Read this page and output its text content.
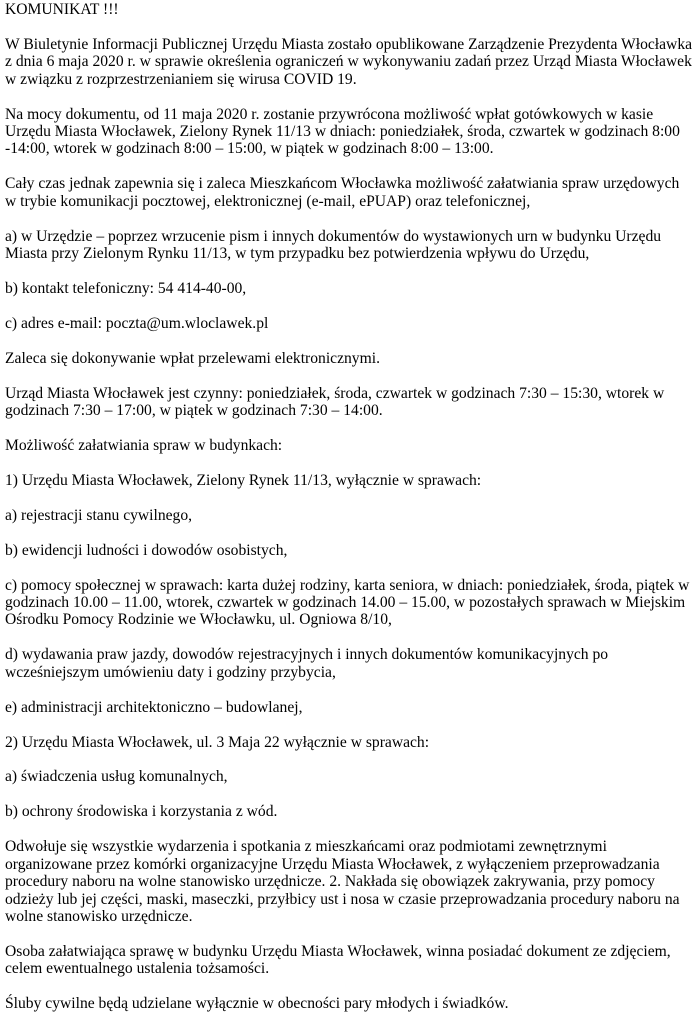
KOMUNIKAT !!!

W Biuletynie Informacji Publicznej Urzędu Miasta zostało opublikowane Zarządzenie Prezydenta Włocławka z dnia 6 maja 2020 r. w sprawie określenia ograniczeń w wykonywaniu zadań przez Urząd Miasta Włocławek w związku z rozprzestrzenianiem się wirusa COVID 19.

Na mocy dokumentu, od 11 maja 2020 r. zostanie przywrócona możliwość wpłat gotówkowych w kasie Urzędu Miasta Włocławek, Zielony Rynek 11/13 w dniach: poniedziałek, środa, czwartek w godzinach 8:00 -14:00, wtorek w godzinach 8:00 – 15:00, w piątek w godzinach 8:00 – 13:00.

Cały czas jednak zapewnia się i zaleca Mieszkańcom Włocławka możliwość załatwiania spraw urzędowych w trybie komunikacji pocztowej, elektronicznej (e-mail, ePUAP) oraz telefonicznej,

a) w Urzędzie – poprzez wrzucenie pism i innych dokumentów do wystawionych urn w budynku Urzędu Miasta przy Zielonym Rynku 11/13, w tym przypadku bez potwierdzenia wpływu do Urzędu,

b) kontakt telefoniczny: 54 414-40-00,

c) adres e-mail: poczta@um.wloclawek.pl

Zaleca się dokonywanie wpłat przelewami elektronicznymi.

Urząd Miasta Włocławek jest czynny: poniedziałek, środa, czwartek w godzinach 7:30 – 15:30, wtorek w godzinach 7:30 – 17:00, w piątek w godzinach 7:30 – 14:00.

Możliwość załatwiania spraw w budynkach:

1) Urzędu Miasta Włocławek, Zielony Rynek 11/13, wyłącznie w sprawach:

a) rejestracji stanu cywilnego,

b) ewidencji ludności i dowodów osobistych,

c) pomocy społecznej w sprawach: karta dużej rodziny, karta seniora, w dniach: poniedziałek, środa, piątek w godzinach 10.00 – 11.00, wtorek, czwartek w godzinach 14.00 – 15.00, w pozostałych sprawach w Miejskim Ośrodku Pomocy Rodzinie we Włocławku, ul. Ogniowa 8/10,

d) wydawania praw jazdy, dowodów rejestracyjnych i innych dokumentów komunikacyjnych po wcześniejszym umówieniu daty i godziny przybycia,

e) administracji architektoniczno – budowlanej,

2) Urzędu Miasta Włocławek, ul. 3 Maja 22 wyłącznie w sprawach:

a) świadczenia usług komunalnych,

b) ochrony środowiska i korzystania z wód.

Odwołuje się wszystkie wydarzenia i spotkania z mieszkańcami oraz podmiotami zewnętrznymi organizowane przez komórki organizacyjne Urzędu Miasta Włocławek, z wyłączeniem przeprowadzania procedury naboru na wolne stanowisko urzędnicze. 2. Nakłada się obowiązek zakrywania, przy pomocy odzieży lub jej części, maski, maseczki, przyłbicy ust i nosa w czasie przeprowadzania procedury naboru na wolne stanowisko urzędnicze.

Osoba załatwiająca sprawę w budynku Urzędu Miasta Włocławek, winna posiadać dokument ze zdjęciem, celem ewentualnego ustalenia tożsamości.

Śluby cywilne będą udzielane wyłącznie w obecności pary młodych i świadków.
